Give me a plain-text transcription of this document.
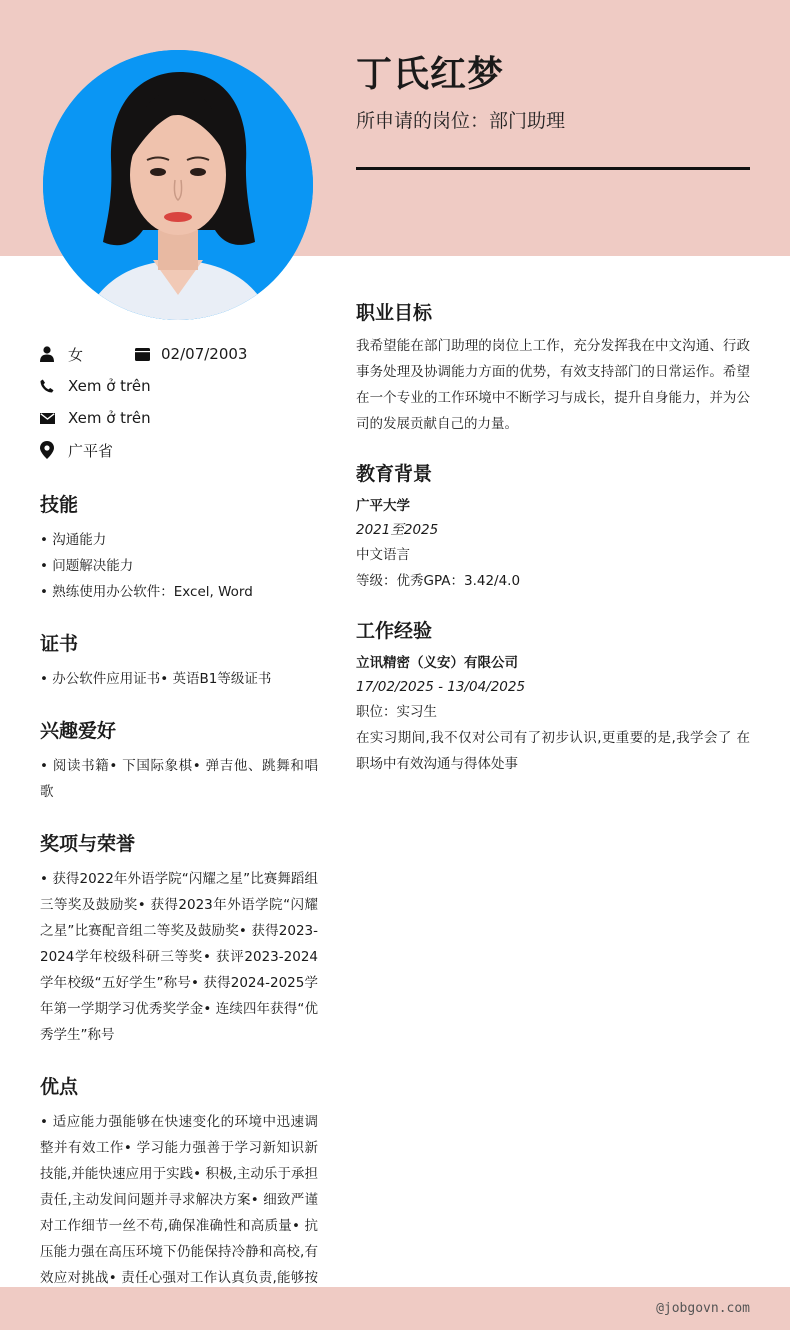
丁氏红梦
所申请的岗位：部门助理
女	02/07/2003
Xem ở trên
Xem ở trên
广平省
技能
• 沟通能力
• 问题解决能力
• 熟练使用办公软件：Excel, Word
证书
• 办公软件应用证书• 英语B1等级证书
兴趣爱好
• 阅读书籍• 下国际象棋• 弹吉他、跳舞和唱歌
奖项与荣誉
• 获得2022年外语学院“闪耀之星”比赛舞蹈组三等奖及鼓励奖• 获得2023年外语学院“闪耀之星”比赛配音组二等奖及鼓励奖• 获得2023-2024学年校级科研三等奖• 获评2023-2024学年校级“五好学生”称号• 获得2024-2025学年第一学期学习优秀奖学金• 连续四年获得“优秀学生”称号
优点
• 适应能力强能够在快速变化的环境中迅速调整并有效工作• 学习能力强善于学习新知识新技能,并能快速应用于实践• 积极,主动乐于承担责任,主动发间问题并寻求解决方案• 细致严谨对工作细节一丝不苟,确保准确性和高质量• 抗压能力强在高压环境下仍能保持冷静和高校,有效应对挑战• 责任心强对工作认真负责,能够按
职业目标
我希望能在部门助理的岗位上工作，充分发挥我在中文沟通、行政事务处理及协调能力方面的优势，有效支持部门的日常运作。希望在一个专业的工作环境中不断学习与成长，提升自身能力，并为公司的发展贡献自己的力量。
教育背景
广平大学
2021至2025
中文语言
等级：优秀GPA：3.42/4.0
工作经验
立讯精密（义安）有限公司
17/02/2025 - 13/04/2025
职位：实习生
在实习期间,我不仅对公司有了初步认识,更重要的是,我学会了 在职场中有效沟通与得体处事
@jobgovn.com
